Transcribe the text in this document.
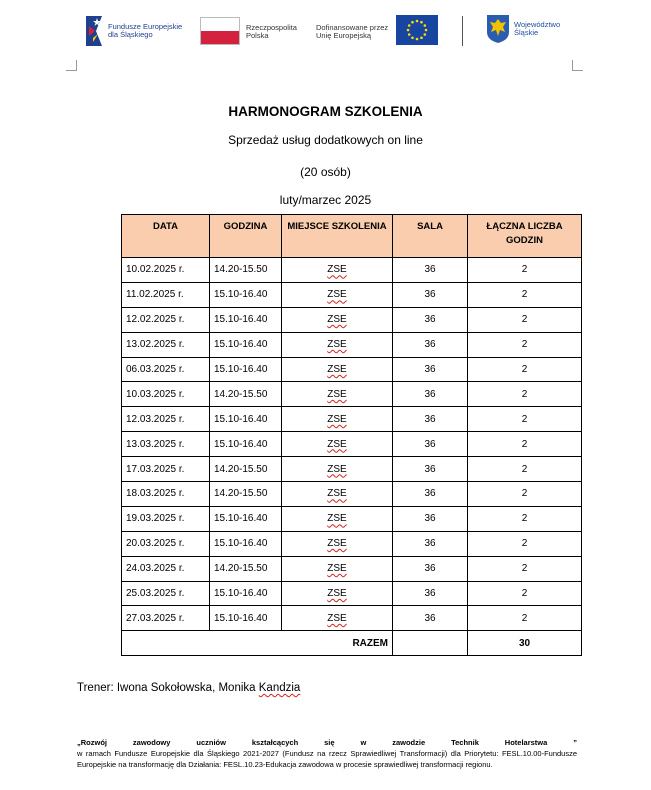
Fundusze Europejskie
dla Śląskiego
Rzeczpospolita
Polska
Dofinansowane przez
Unię Europejską
Województwo
Śląskie
HARMONOGRAM SZKOLENIA
Sprzedaż usług dodatkowych on line
(20 osób)
luty/marzec 2025
DATA	GODZINA	MIEJSCE SZKOLENIA	SALA	ŁĄCZNA LICZBA GODZIN
10.02.2025 r.	14.20-15.50	ZSE	36	2
11.02.2025 r.	15.10-16.40	ZSE	36	2
12.02.2025 r.	15.10-16.40	ZSE	36	2
13.02.2025 r.	15.10-16.40	ZSE	36	2
06.03.2025 r.	15.10-16.40	ZSE	36	2
10.03.2025 r.	14.20-15.50	ZSE	36	2
12.03.2025 r.	15.10-16.40	ZSE	36	2
13.03.2025 r.	15.10-16.40	ZSE	36	2
17.03.2025 r.	14.20-15.50	ZSE	36	2
18.03.2025 r.	14.20-15.50	ZSE	36	2
19.03.2025 r.	15.10-16.40	ZSE	36	2
20.03.2025 r.	15.10-16.40	ZSE	36	2
24.03.2025 r.	14.20-15.50	ZSE	36	2
25.03.2025 r.	15.10-16.40	ZSE	36	2
27.03.2025 r.	15.10-16.40	ZSE	36	2
RAZEM				30
Trener: Iwona Sokołowska, Monika Kandzia
„Rozwój zawodowy uczniów kształcących się w zawodzie Technik Hotelarstwa ”
w ramach Fundusze Europejskie dla Śląskiego 2021-2027 (Fundusz na rzecz Sprawiedliwej Transformacji) dla Priorytetu: FESL.10.00-Fundusze Europejskie na transformację dla Działania: FESL.10.23-Edukacja zawodowa w procesie sprawiedliwej transformacji regionu.
